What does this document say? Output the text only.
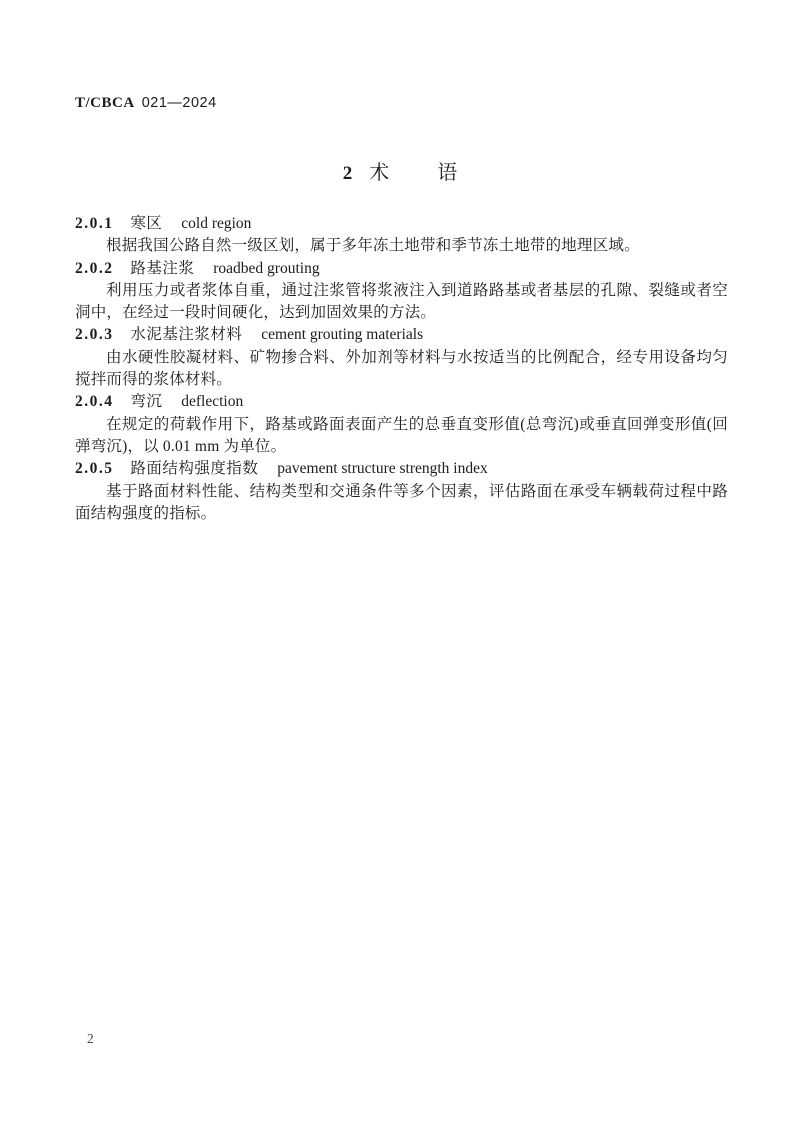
T/CBCA 021—2024
2 术 语

2.0.1 寒区 cold region

根据我国公路自然一级区划，属于多年冻土地带和季节冻土地带的地理区域。

2.0.2 路基注浆 roadbed grouting

利用压力或者浆体自重，通过注浆管将浆液注入到道路路基或者基层的孔隙、裂缝或者空洞中，在经过一段时间硬化，达到加固效果的方法。

2.0.3 水泥基注浆材料 cement grouting materials

由水硬性胶凝材料、矿物掺合料、外加剂等材料与水按适当的比例配合，经专用设备均匀搅拌而得的浆体材料。

2.0.4 弯沉 deflection

在规定的荷载作用下，路基或路面表面产生的总垂直变形值(总弯沉)或垂直回弹变形值(回弹弯沉)，以 0.01 mm 为单位。

2.0.5 路面结构强度指数 pavement structure strength index

基于路面材料性能、结构类型和交通条件等多个因素，评估路面在承受车辆载荷过程中路面结构强度的指标。

2
